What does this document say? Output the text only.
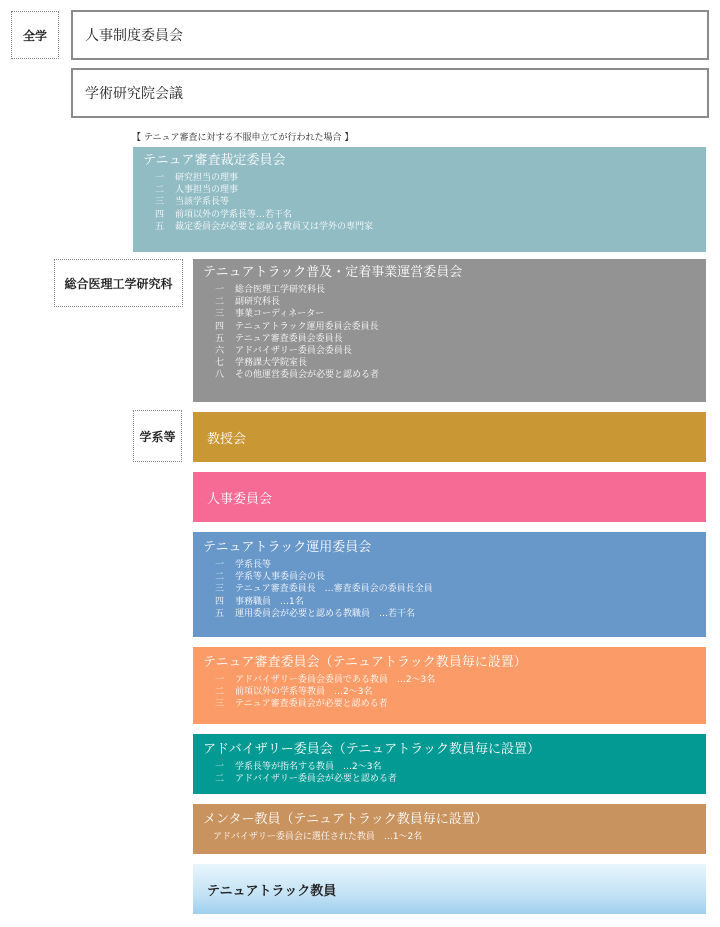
全学
総合医理工学研究科
学系等
人事制度委員会
学術研究院会議
【 テニュア審査に対する不服申立てが行われた場合 】
テニュア審査裁定委員会
一 研究担当の理事
二 人事担当の理事
三 当該学系長等
四 前項以外の学系長等…若干名
五 裁定委員会が必要と認める教員又は学外の専門家
テニュアトラック普及・定着事業運営委員会
一 総合医理工学研究科長
二 副研究科長
三 事業コーディネーター
四 テニュアトラック運用委員会委員長
五 テニュア審査委員会委員長
六 アドバイザリー委員会委員長
七 学務課大学院室長
八 その他運営委員会が必要と認める者
教授会
人事委員会
テニュアトラック運用委員会
一 学系長等
二 学系等人事委員会の長
三 テニュア審査委員長　…審査委員会の委員長全員
四 事務職員　…1名
五 運用委員会が必要と認める教職員　…若干名
テニュア審査委員会（テニュアトラック教員毎に設置）
一 アドバイザリー委員会委員である教員　…2～3名
二 前項以外の学系等教員　…2～3名
三 テニュア審査委員会が必要と認める者
アドバイザリー委員会（テニュアトラック教員毎に設置）
一 学系長等が指名する教員　…2～3名
二 アドバイザリー委員会が必要と認める者
メンター教員（テニュアトラック教員毎に設置）
アドバイザリー委員会に選任された教員　…1～2名
テニュアトラック教員
